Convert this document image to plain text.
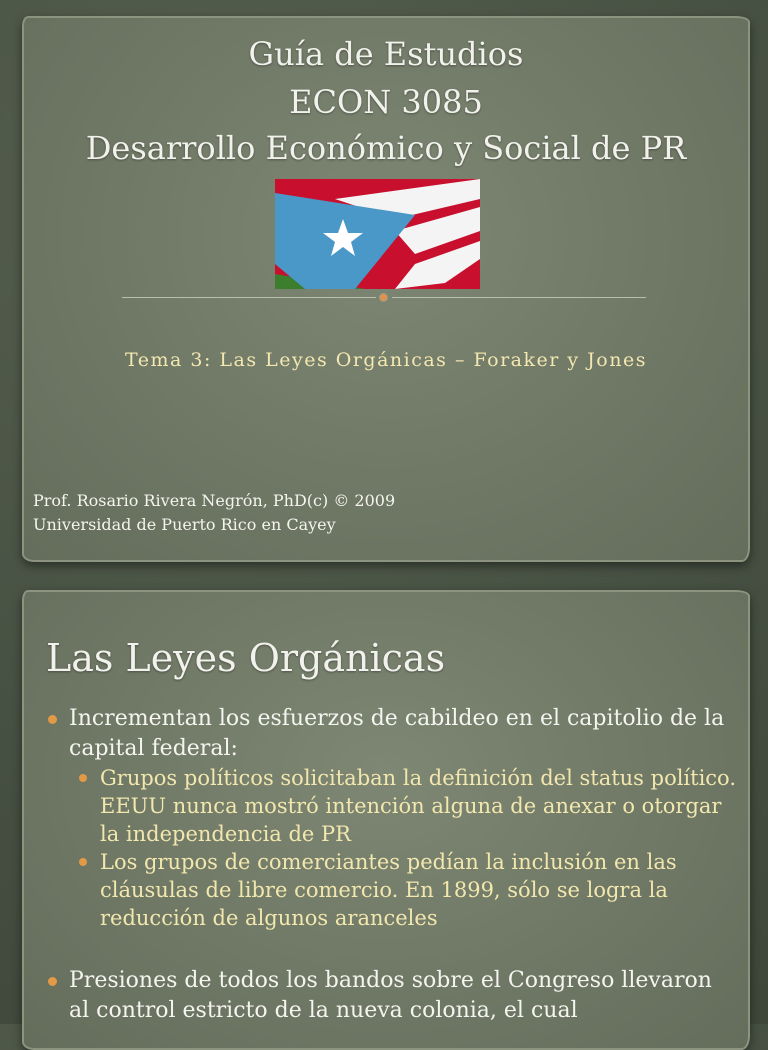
Guía de Estudios
ECON 3085
Desarrollo Económico y Social de PR
Tema 3: Las Leyes Orgánicas – Foraker y Jones
Prof. Rosario Rivera Negrón, PhD(c) © 2009
Universidad de Puerto Rico en Cayey
Las Leyes Orgánicas
Incrementan los esfuerzos de cabildeo en el capitolio de la capital federal:
Grupos políticos solicitaban la definición del status político. EEUU nunca mostró intención alguna de anexar o otorgar la independencia de PR
Los grupos de comerciantes pedían la inclusión en las cláusulas de libre comercio. En 1899, sólo se logra la reducción de algunos aranceles
Presiones de todos los bandos sobre el Congreso llevaron al control estricto de la nueva colonia, el cual
